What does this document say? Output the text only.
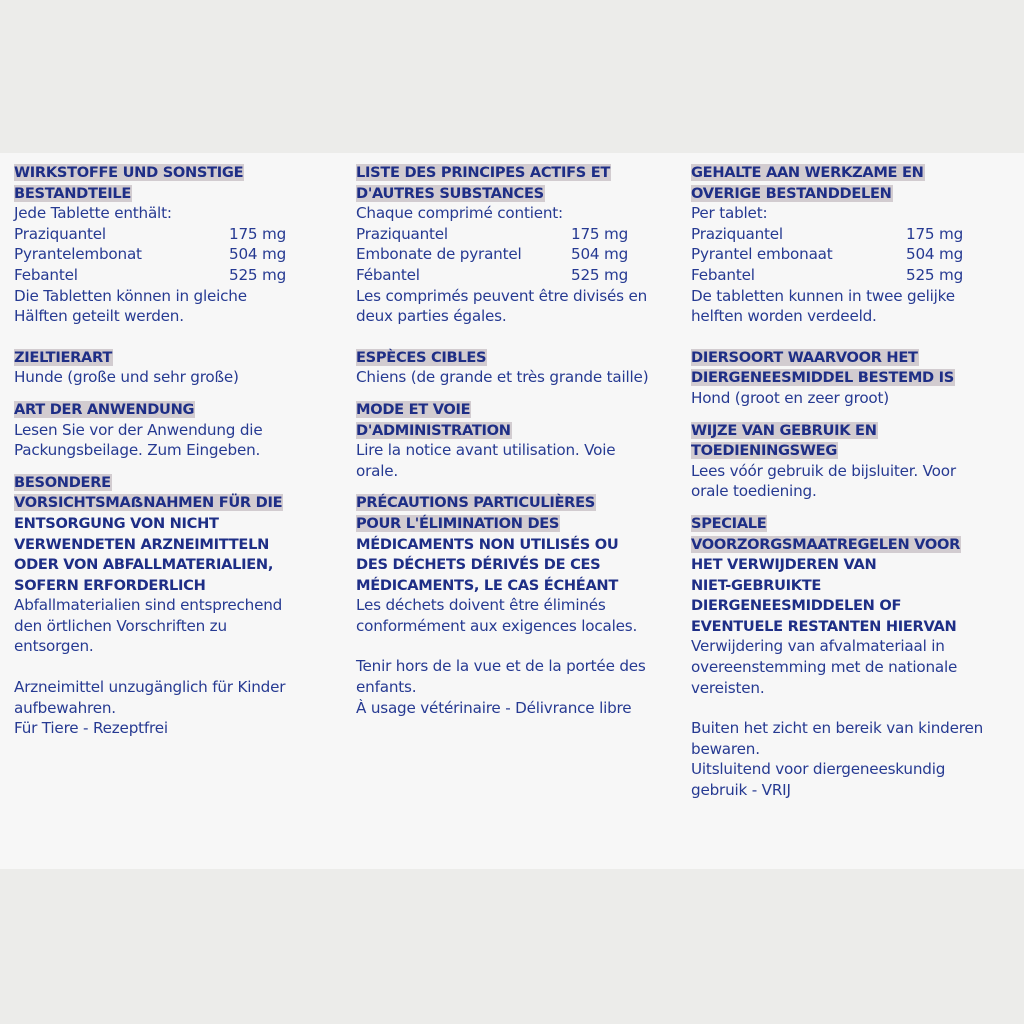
WIRKSTOFFE UND SONSTIGE
BESTANDTEILE
Jede Tablette enthält:
Praziquantel	175 mg
Pyrantelembonat	504 mg
Febantel	525 mg
Die Tabletten können in gleiche
Hälften geteilt werden.
ZIELTIERART
Hunde (große und sehr große)
ART DER ANWENDUNG
Lesen Sie vor der Anwendung die
Packungsbeilage. Zum Eingeben.
BESONDERE
VORSICHTSMAẞNAHMEN FÜR DIE
ENTSORGUNG VON NICHT
VERWENDETEN ARZNEIMITTELN
ODER VON ABFALLMATERIALIEN,
SOFERN ERFORDERLICH
Abfallmaterialien sind entsprechend
den örtlichen Vorschriften zu
entsorgen.
Arzneimittel unzugänglich für Kinder
aufbewahren.
Für Tiere - Rezeptfrei
LISTE DES PRINCIPES ACTIFS ET
D'AUTRES SUBSTANCES
Chaque comprimé contient:
Praziquantel	175 mg
Embonate de pyrantel	504 mg
Fébantel	525 mg
Les comprimés peuvent être divisés en
deux parties égales.
ESPÈCES CIBLES
Chiens (de grande et très grande taille)
MODE ET VOIE
D'ADMINISTRATION
Lire la notice avant utilisation. Voie
orale.
PRÉCAUTIONS PARTICULIÈRES
POUR L'ÉLIMINATION DES
MÉDICAMENTS NON UTILISÉS OU
DES DÉCHETS DÉRIVÉS DE CES
MÉDICAMENTS, LE CAS ÉCHÉANT
Les déchets doivent être éliminés
conformément aux exigences locales.
Tenir hors de la vue et de la portée des
enfants.
À usage vétérinaire - Délivrance libre
GEHALTE AAN WERKZAME EN
OVERIGE BESTANDDELEN
Per tablet:
Praziquantel	175 mg
Pyrantel embonaat	504 mg
Febantel	525 mg
De tabletten kunnen in twee gelijke
helften worden verdeeld.
DIERSOORT WAARVOOR HET
DIERGENEESMIDDEL BESTEMD IS
Hond (groot en zeer groot)
WIJZE VAN GEBRUIK EN
TOEDIENINGSWEG
Lees vóór gebruik de bijsluiter. Voor
orale toediening.
SPECIALE
VOORZORGSMAATREGELEN VOOR
HET VERWIJDEREN VAN
NIET-GEBRUIKTE
DIERGENEESMIDDELEN OF
EVENTUELE RESTANTEN HIERVAN
Verwijdering van afvalmateriaal in
overeenstemming met de nationale
vereisten.
Buiten het zicht en bereik van kinderen
bewaren.
Uitsluitend voor diergeneeskundig
gebruik - VRIJ
